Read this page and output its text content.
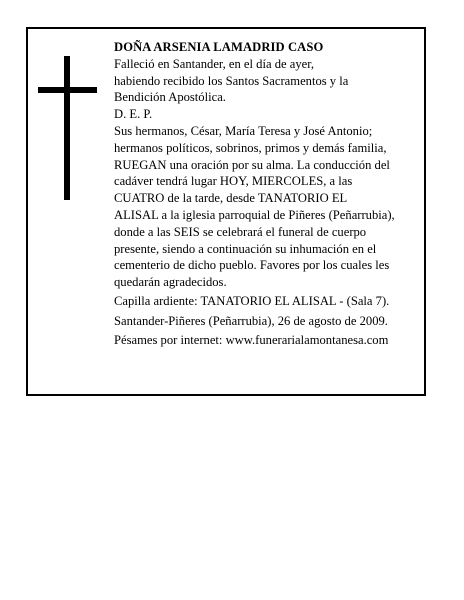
DOÑA ARSENIA LAMADRID CASO
Falleció en Santander, en el día de ayer,
habiendo recibido los Santos Sacramentos y la
Bendición Apostólica.
D. E. P.
Sus hermanos, César, María Teresa y José Antonio;
hermanos políticos, sobrinos, primos y demás familia,
RUEGAN una oración por su alma. La conducción del
cadáver tendrá lugar HOY, MIERCOLES, a las
CUATRO de la tarde, desde TANATORIO EL
ALISAL a la iglesia parroquial de Piñeres (Peñarrubia),
donde a las SEIS se celebrará el funeral de cuerpo
presente, siendo a continuación su inhumación en el
cementerio de dicho pueblo. Favores por los cuales les
quedarán agradecidos.
Capilla ardiente: TANATORIO EL ALISAL - (Sala 7).
Santander-Piñeres (Peñarrubia), 26 de agosto de 2009.
Pésames por internet: www.funerarialamontanesa.com
